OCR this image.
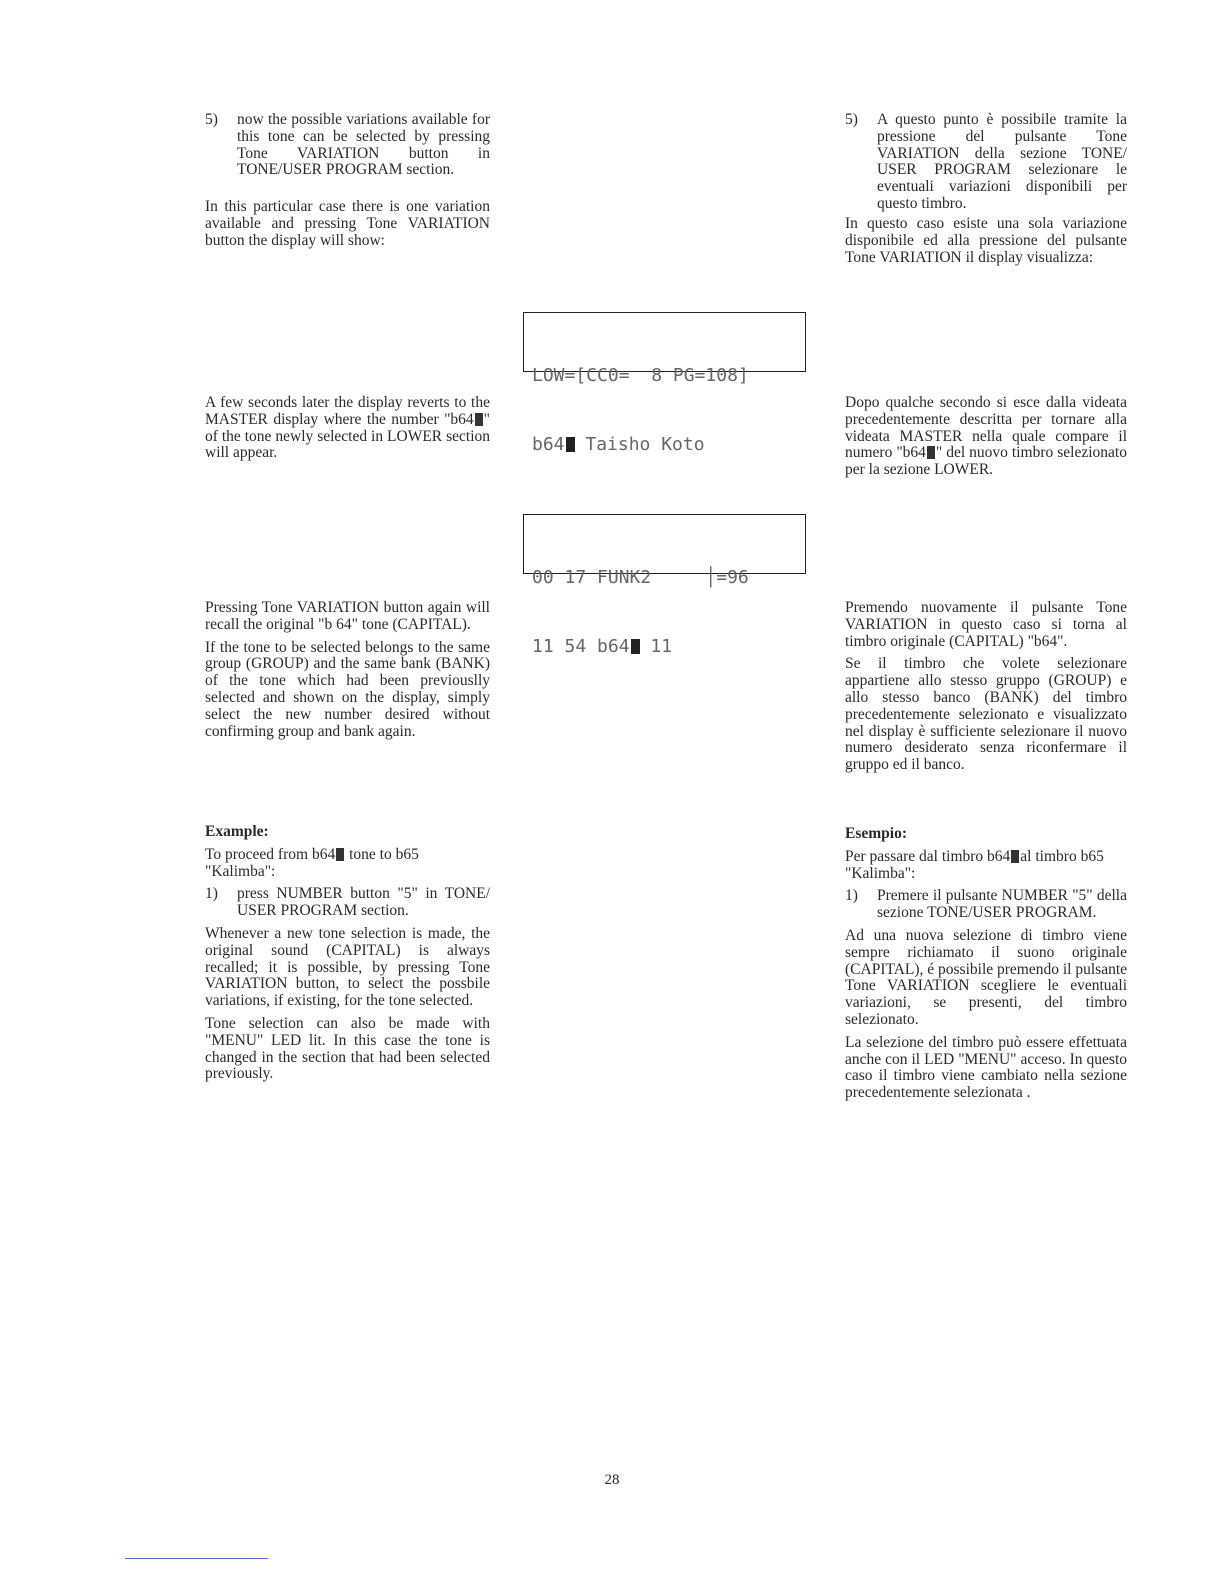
5)	now the possible variations available for this tone can be selected by pressing Tone VARIATION button in TONE/USER PROGRAM section.

In this particular case there is one variation available and pressing Tone VARIATION button the display will show:

A few seconds later the display reverts to the MASTER display where the number "b64 " of the tone newly selected in LOWER section will appear.

Pressing Tone VARIATION button again will recall the original "b 64" tone (CAPITAL).

If the tone to be selected belongs to the same group (GROUP) and the same bank (BANK) of the tone which had been previouslly selected and shown on the display, simply select the new number desired without confirming group and bank again.

Example:

To proceed from b64 tone to b65 "Kalimba":

1)	press NUMBER button "5" in TONE/ USER PROGRAM section.

Whenever a new tone selection is made, the original sound (CAPITAL) is always recalled; it is possible, by pressing Tone VARIATION button, to select the possbile variations, if existing, for the tone selected.

Tone selection can also be made with "MENU" LED lit. In this case the tone is changed in the section that had been selected previously.

LOW=[CC0=  8 PG=108]

b64 Taisho Koto

00 17 FUNK2     │=96

11 54 b64 11

5)	A questo punto è possibile tramite la pressione del pulsante Tone VARIATION della sezione TONE/ USER PROGRAM selezionare le eventuali variazioni disponibili per questo timbro.

In questo caso esiste una sola variazione disponibile ed alla pressione del pulsante Tone VARIATION il display visualizza:

Dopo qualche secondo si esce dalla videata precedentemente descritta per tornare alla videata MASTER nella quale compare il numero "b64 " del nuovo timbro selezionato per la sezione LOWER.

Premendo nuovamente il pulsante Tone VARIATION in questo caso si torna al timbro originale (CAPITAL) "b64".

Se il timbro che volete selezionare appartiene allo stesso gruppo (GROUP) e allo stesso banco (BANK) del timbro precedentemente selezionato e visualizzato nel display è sufficiente selezionare il nuovo numero desiderato senza riconfermare il gruppo ed il banco.

Esempio:

Per passare dal timbro b64 al timbro b65 "Kalimba":

1)	Premere il pulsante NUMBER "5" della sezione TONE/USER PROGRAM.

Ad una nuova selezione di timbro viene sempre richiamato il suono originale (CAPITAL), é possibile premendo il pulsante Tone VARIATION scegliere le eventuali variazioni, se presenti, del timbro selezionato.

La selezione del timbro può essere effettuata anche con il LED "MENU" acceso. In questo caso il timbro viene cambiato nella sezione precedentemente selezionata .

28
